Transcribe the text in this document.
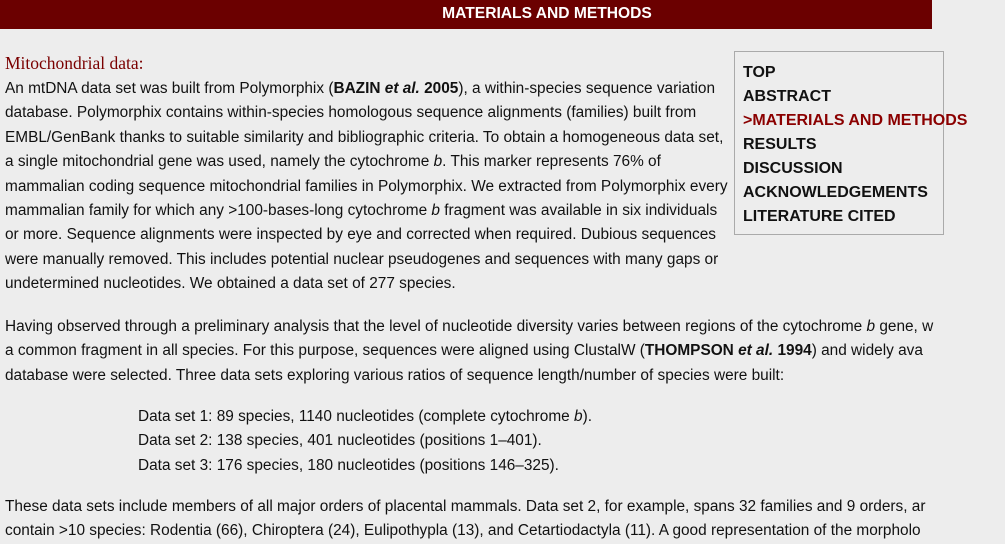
MATERIALS AND METHODS
TOP
ABSTRACT
>MATERIALS AND METHODS
RESULTS
DISCUSSION
ACKNOWLEDGEMENTS
LITERATURE CITED
Mitochondrial data:

An mtDNA data set was built from Polymorphix (BAZIN et al. 2005), a within-species sequence variation database. Polymorphix contains within-species homologous sequence alignments (families) built from EMBL/GenBank thanks to suitable similarity and bibliographic criteria. To obtain a homogeneous data set, a single mitochondrial gene was used, namely the cytochrome b. This marker represents 76% of mammalian coding sequence mitochondrial families in Polymorphix. We extracted from Polymorphix every mammalian family for which any >100-bases-long cytochrome b fragment was available in six individuals or more. Sequence alignments were inspected by eye and corrected when required. Dubious sequences were manually removed. This includes potential nuclear pseudogenes and sequences with many gaps or undetermined nucleotides. We obtained a data set of 277 species.

Having observed through a preliminary analysis that the level of nucleotide diversity varies between regions of the cytochrome b gene, w
a common fragment in all species. For this purpose, sequences were aligned using ClustalW (THOMPSON et al. 1994) and widely ava
database were selected. Three data sets exploring various ratios of sequence length/number of species were built:
Data set 1: 89 species, 1140 nucleotides (complete cytochrome b).
Data set 2: 138 species, 401 nucleotides (positions 1–401).
Data set 3: 176 species, 180 nucleotides (positions 146–325).
These data sets include members of all major orders of placental mammals. Data set 2, for example, spans 32 families and 9 orders, ar
contain >10 species: Rodentia (66), Chiroptera (24), Eulipothypla (13), and Cetartiodactyla (11). A good representation of the morpholo
